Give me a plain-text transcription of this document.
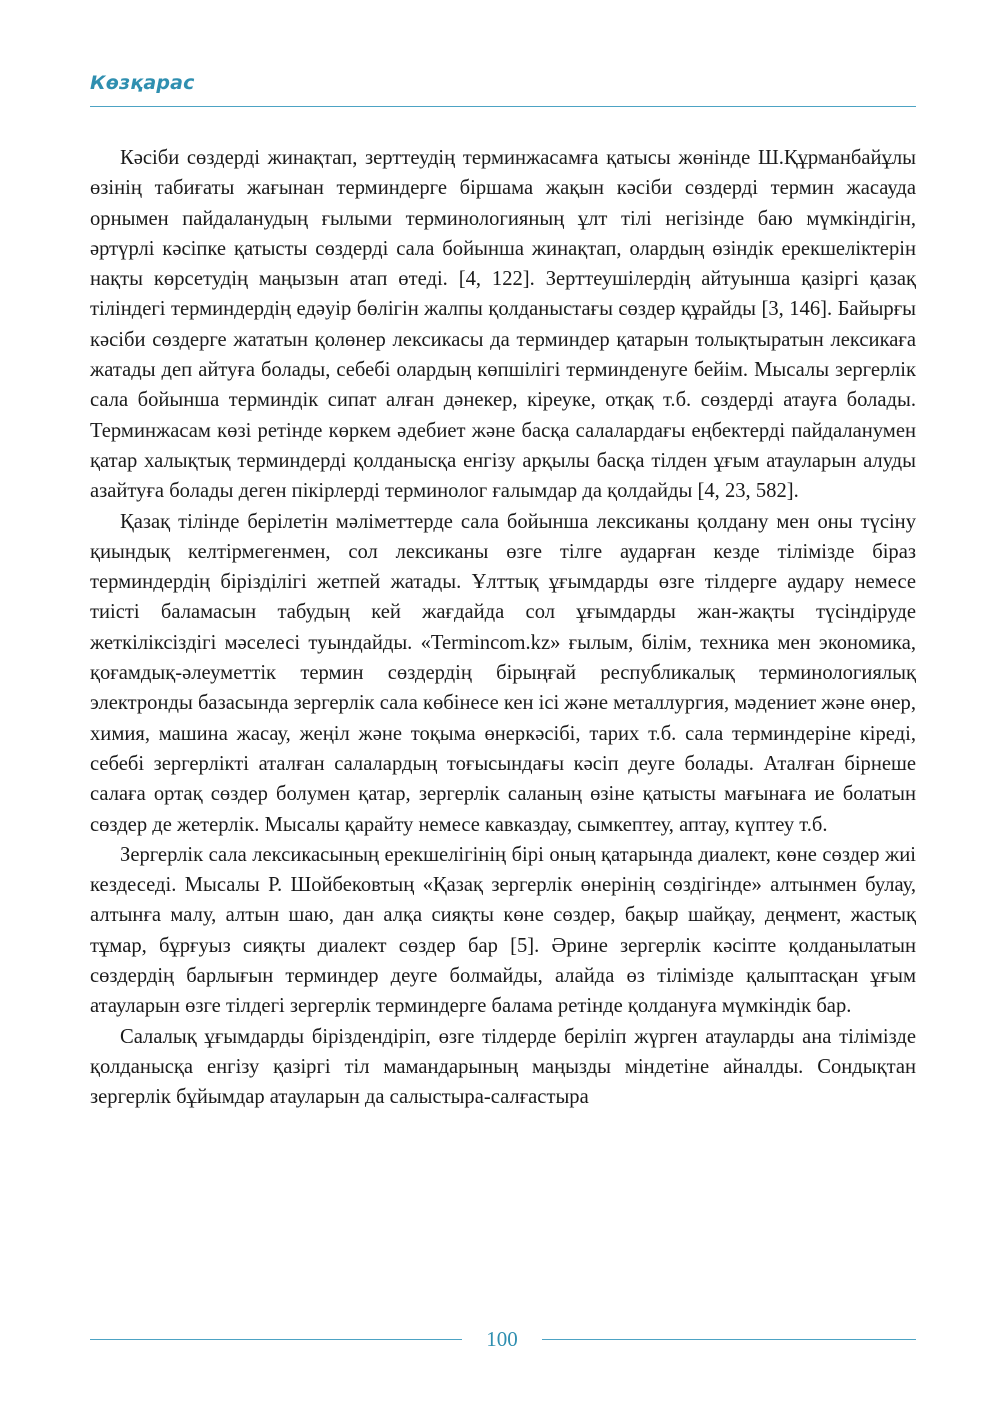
Көзқарас

Кәсіби сөздерді жинақтап, зерттеудің терминжасамға қатысы жөнінде Ш.Құрманбайұлы өзінің табиғаты жағынан терминдерге біршама жақын кәсіби сөздерді термин жасауда орнымен пайдаланудың ғылыми терминологияның ұлт тілі негізінде баю мүмкіндігін, әртүрлі кәсіпке қатысты сөздерді сала бойынша жинақтап, олардың өзіндік ерекшеліктерін нақты көрсетудің маңызын атап өтеді. [4, 122]. Зерттеушілердің айтуынша қазіргі қазақ тіліндегі терминдердің едәуір бөлігін жалпы қолданыстағы сөздер құрайды [3, 146]. Байырғы кәсіби сөздерге жататын қолөнер лексикасы да терминдер қатарын толықтыратын лексикаға жатады деп айтуға болады, себебі олардың көпшілігі терминденуге бейім. Мысалы зергерлік сала бойынша терминдік сипат алған дәнекер, кіреуке, отқақ т.б. сөздерді атауға болады. Терминжасам көзі ретінде көркем әдебиет және басқа салалардағы еңбектерді пайдаланумен қатар халықтық терминдерді қолданысқа енгізу арқылы басқа тілден ұғым атауларын алуды азайтуға болады деген пікірлерді терминолог ғалымдар да қолдайды [4, 23, 582].

Қазақ тілінде берілетін мәліметтерде сала бойынша лексиканы қолдану мен оны түсіну қиындық келтірмегенмен, сол лексиканы өзге тілге аударған кезде тілімізде біраз терминдердің бірізділігі жетпей жатады. Ұлттық ұғымдарды өзге тілдерге аудару немесе тиісті баламасын табудың кей жағдайда сол ұғымдарды жан-жақты түсіндіруде жеткіліксіздігі мәселесі туындайды. «Termincom.kz» ғылым, білім, техника мен экономика, қоғамдық-әлеуметтік термин сөздердің бірыңғай республикалық терминологиялық электронды базасында зергерлік сала көбінесе кен ісі және металлургия, мәдениет және өнер, химия, машина жасау, жеңіл және тоқыма өнеркәсібі, тарих т.б. сала терминдеріне кіреді, себебі зергерлікті аталған салалардың тоғысындағы кәсіп деуге болады. Аталған бірнеше салаға ортақ сөздер болумен қатар, зергерлік саланың өзіне қатысты мағынаға ие болатын сөздер де жетерлік. Мысалы қарайту немесе кавказдау, сымкептеу, аптау, күптеу т.б.

Зергерлік сала лексикасының ерекшелігінің бірі оның қатарында диалект, көне сөздер жиі кездеседі. Мысалы Р. Шойбековтың «Қазақ зергерлік өнерінің сөздігінде» алтынмен булау, алтынға малу, алтын шаю, дан алқа сияқты көне сөздер, бақыр шайқау, деңмент, жастық тұмар, бұрғуыз сияқты диалект сөздер бар [5]. Әрине зергерлік кәсіпте қолданылатын сөздердің барлығын терминдер деуге болмайды, алайда өз тілімізде қалыптасқан ұғым атауларын өзге тілдегі зергерлік терминдерге балама ретінде қолдануға мүмкіндік бар.

Салалық ұғымдарды біріздендіріп, өзге тілдерде беріліп жүрген атауларды ана тілімізде қолданысқа енгізу қазіргі тіл мамандарының маңызды міндетіне айналды. Сондықтан зергерлік бұйымдар атауларын да салыстыра-салғастыра

100
